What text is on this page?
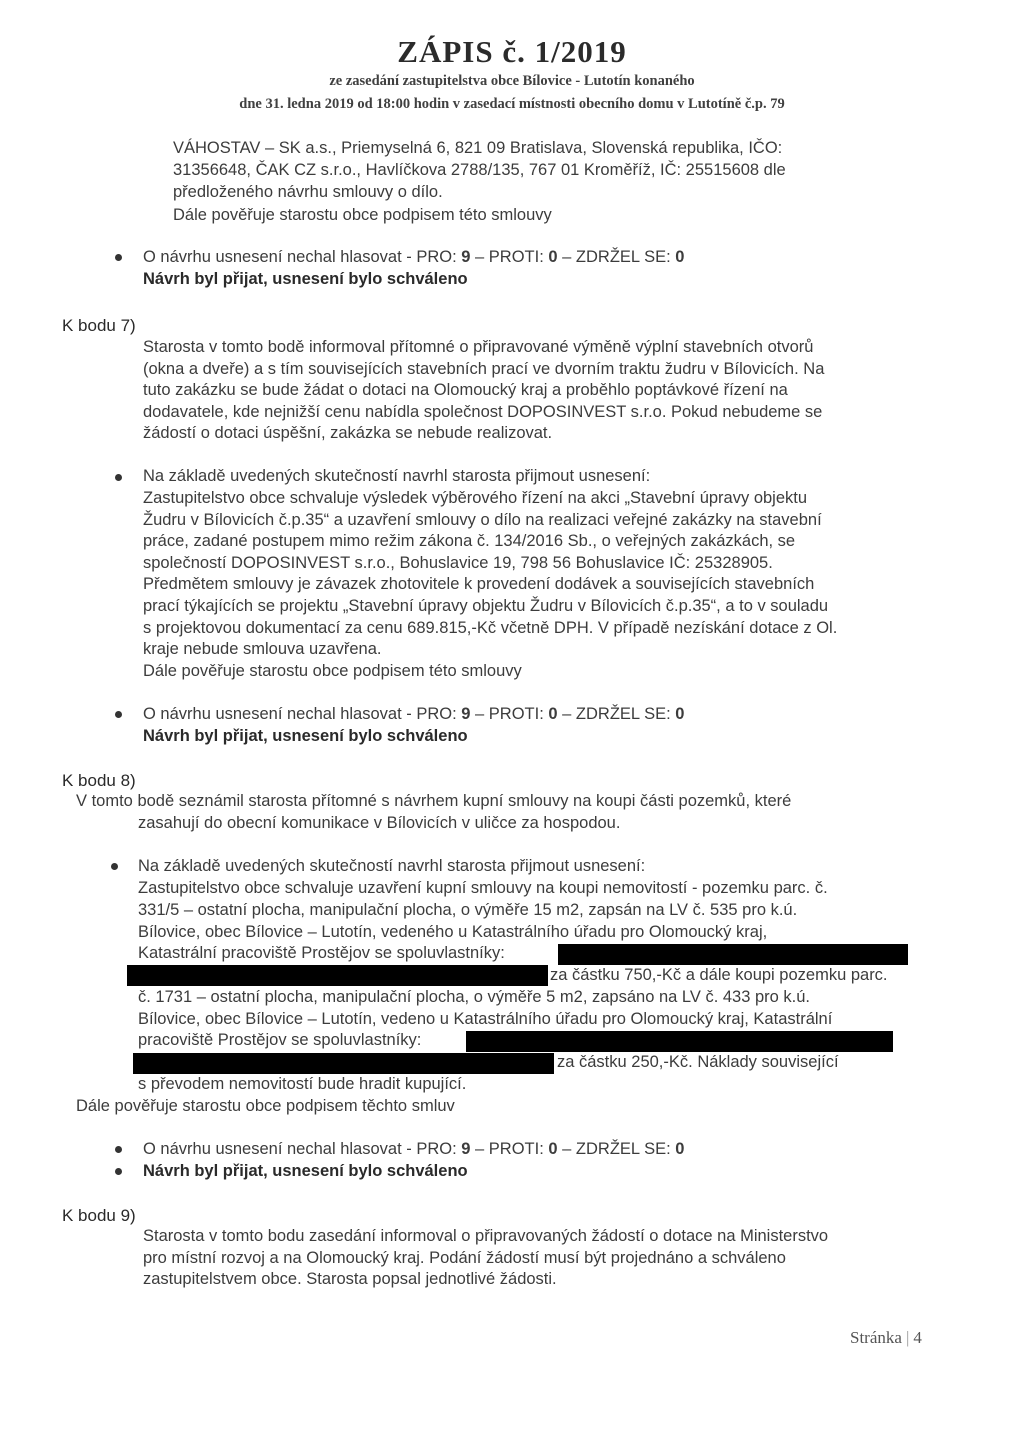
ZÁPIS č. 1/2019
ze zasedání zastupitelstva obce Bílovice - Lutotín konaného
dne 31. ledna 2019 od 18:00 hodin v zasedací místnosti obecního domu v Lutotíně č.p. 79
VÁHOSTAV – SK a.s., Priemyselná 6, 821 09 Bratislava, Slovenská republika, IČO:
31356648, ČAK CZ s.r.o., Havlíčkova 2788/135, 767 01 Kroměříž, IČ: 25515608 dle
předloženého návrhu smlouvy o dílo.
Dále pověřuje starostu obce podpisem této smlouvy
O návrhu usnesení nechal hlasovat - PRO: 9 – PROTI: 0 – ZDRŽEL SE: 0
Návrh byl přijat, usnesení bylo schváleno
K bodu 7)
Starosta v tomto bodě informoval přítomné o připravované výměně výplní stavebních otvorů
(okna a dveře) a s tím souvisejících stavebních prací ve dvorním traktu žudru v Bílovicích. Na
tuto zakázku se bude žádat o dotaci na Olomoucký kraj a proběhlo poptávkové řízení na
dodavatele, kde nejnižší cenu nabídla společnost DOPOSINVEST s.r.o. Pokud nebudeme se
žádostí o dotaci úspěšní, zakázka se nebude realizovat.
Na základě uvedených skutečností navrhl starosta přijmout usnesení:
Zastupitelstvo obce schvaluje výsledek výběrového řízení na akci „Stavební úpravy objektu
Žudru v Bílovicích č.p.35“ a uzavření smlouvy o dílo na realizaci veřejné zakázky na stavební
práce, zadané postupem mimo režim zákona č. 134/2016 Sb., o veřejných zakázkách, se
společností DOPOSINVEST s.r.o., Bohuslavice 19, 798 56 Bohuslavice IČ: 25328905.
Předmětem smlouvy je závazek zhotovitele k provedení dodávek a souvisejících stavebních
prací týkajících se projektu „Stavební úpravy objektu Žudru v Bílovicích č.p.35“, a to v souladu
s projektovou dokumentací za cenu 689.815,-Kč včetně DPH. V případě nezískání dotace z Ol.
kraje nebude smlouva uzavřena.
Dále pověřuje starostu obce podpisem této smlouvy
O návrhu usnesení nechal hlasovat - PRO: 9 – PROTI: 0 – ZDRŽEL SE: 0
Návrh byl přijat, usnesení bylo schváleno
K bodu 8)
V tomto bodě seznámil starosta přítomné s návrhem kupní smlouvy na koupi části pozemků, které
zasahují do obecní komunikace v Bílovicích v uličce za hospodou.
Na základě uvedených skutečností navrhl starosta přijmout usnesení:
Zastupitelstvo obce schvaluje uzavření kupní smlouvy na koupi nemovitostí - pozemku parc. č.
331/5 – ostatní plocha, manipulační plocha, o výměře 15 m2, zapsán na LV č. 535 pro k.ú.
Bílovice, obec Bílovice – Lutotín, vedeného u Katastrálního úřadu pro Olomoucký kraj,
Katastrální pracoviště Prostějov se spoluvlastníky:
za částku 750,-Kč a dále koupi pozemku parc.
č. 1731 – ostatní plocha, manipulační plocha, o výměře 5 m2, zapsáno na LV č. 433 pro k.ú.
Bílovice, obec Bílovice – Lutotín, vedeno u Katastrálního úřadu pro Olomoucký kraj, Katastrální
pracoviště Prostějov se spoluvlastníky:
za částku 250,-Kč. Náklady související
s převodem nemovitostí bude hradit kupující.
Dále pověřuje starostu obce podpisem těchto smluv
O návrhu usnesení nechal hlasovat - PRO: 9 – PROTI: 0 – ZDRŽEL SE: 0
Návrh byl přijat, usnesení bylo schváleno
K bodu 9)
Starosta v tomto bodu zasedání informoval o připravovaných žádostí o dotace na Ministerstvo
pro místní rozvoj a na Olomoucký kraj. Podání žádostí musí být projednáno a schváleno
zastupitelstvem obce. Starosta popsal jednotlivé žádosti.
Stránka | 4
